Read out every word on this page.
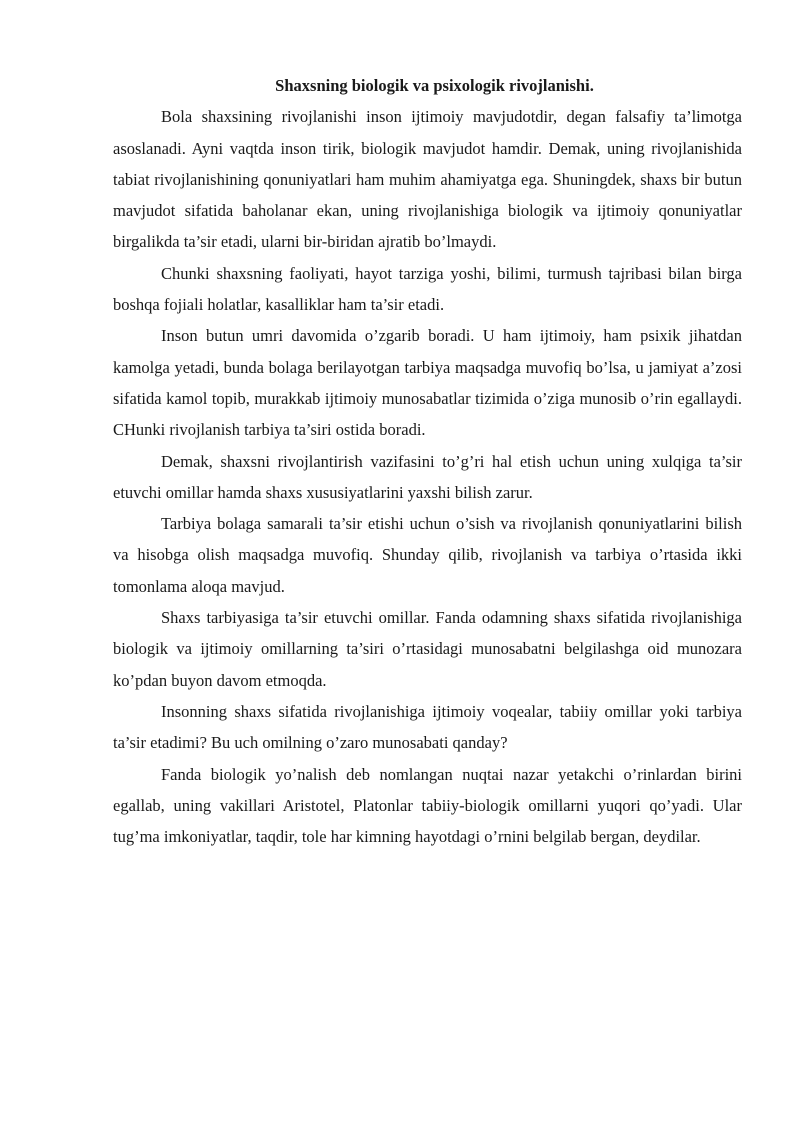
Shaxsning biologik va psixologik rivojlanishi.

Bola shaxsining rivojlanishi inson ijtimoiy mavjudotdir, degan falsafiy ta’limotga asoslanadi. Ayni vaqtda inson tirik, biologik mavjudot hamdir. Demak, uning rivojlanishida tabiat rivojlanishining qonuniyatlari ham muhim ahamiyatga ega. Shuningdek, shaxs bir butun mavjudot sifatida baholanar ekan, uning rivojlanishiga biologik va ijtimoiy qonuniyatlar birgalikda ta’sir etadi, ularni bir-biridan ajratib bo’lmaydi.

Chunki shaxsning faoliyati, hayot tarziga yoshi, bilimi, turmush tajribasi bilan birga boshqa fojiali holatlar, kasalliklar ham ta’sir etadi.

Inson butun umri davomida o’zgarib boradi. U ham ijtimoiy, ham psixik jihatdan kamolga yetadi, bunda bolaga berilayotgan tarbiya maqsadga muvofiq bo’lsa, u jamiyat a’zosi sifatida kamol topib, murakkab ijtimoiy munosabatlar tizimida o’ziga munosib o’rin egallaydi. CHunki rivojlanish tarbiya ta’siri ostida boradi.

Demak, shaxsni rivojlantirish vazifasini to’g’ri hal etish uchun uning xulqiga ta’sir etuvchi omillar hamda shaxs xususiyatlarini yaxshi bilish zarur.

Tarbiya bolaga samarali ta’sir etishi uchun o’sish va rivojlanish qonuniyatlarini bilish va hisobga olish maqsadga muvofiq. Shunday qilib, rivojlanish va tarbiya o’rtasida ikki tomonlama aloqa mavjud.

Shaxs tarbiyasiga ta’sir etuvchi omillar. Fanda odamning shaxs sifatida rivojlanishiga biologik va ijtimoiy omillarning ta’siri o’rtasidagi munosabatni belgilashga oid munozara ko’pdan buyon davom etmoqda.

Insonning shaxs sifatida rivojlanishiga ijtimoiy voqealar, tabiiy omillar yoki tarbiya ta’sir etadimi? Bu uch omilning o’zaro munosabati qanday?

Fanda biologik yo’nalish deb nomlangan nuqtai nazar yetakchi o’rinlardan birini egallab, uning vakillari Aristotel, Platonlar tabiiy-biologik omillarni yuqori qo’yadi. Ular tug’ma imkoniyatlar, taqdir, tole har kimning hayotdagi o’rnini belgilab bergan, deydilar.
